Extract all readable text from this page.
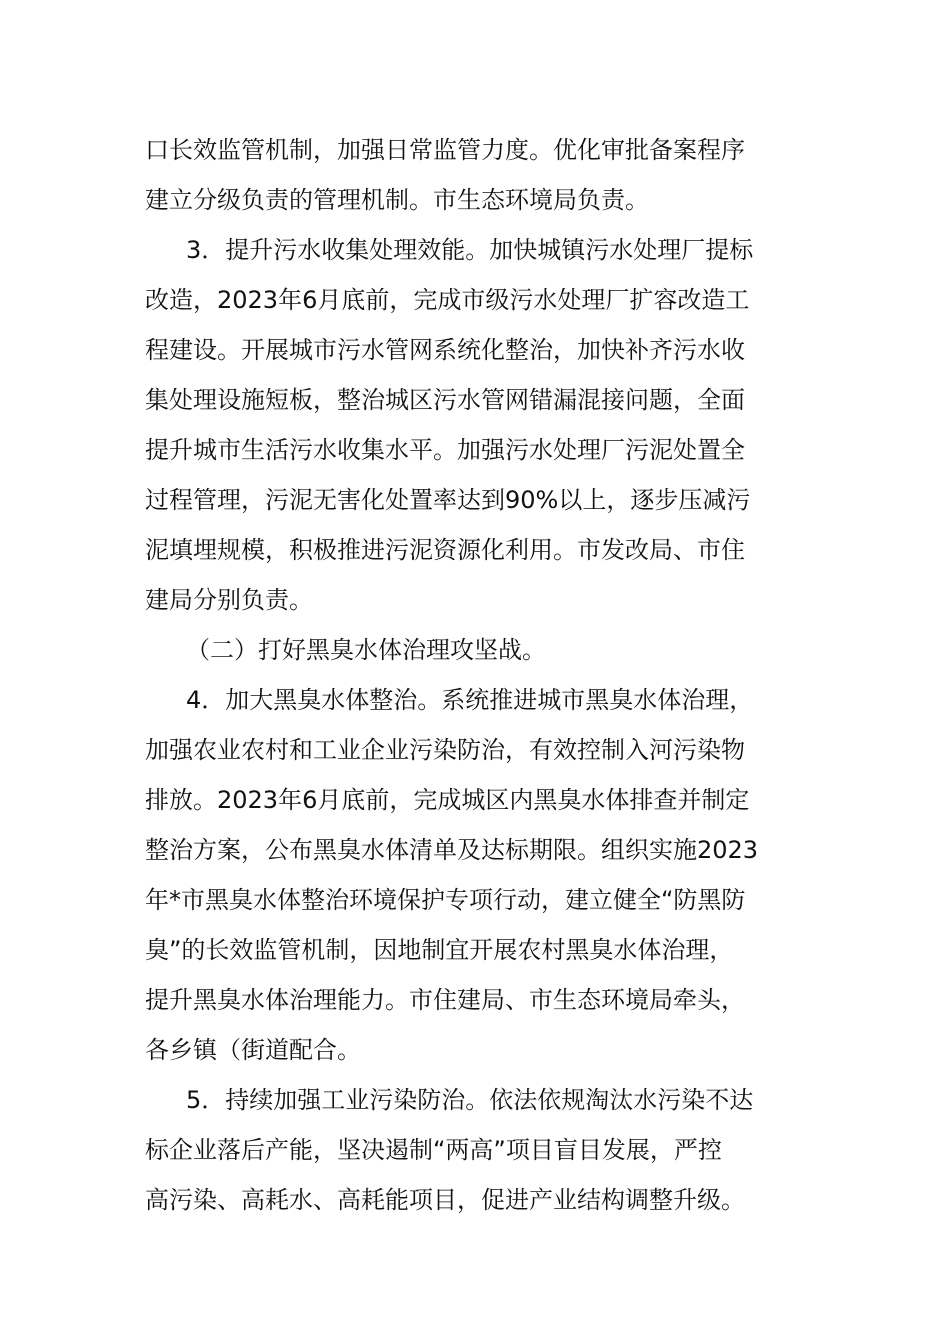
口长效监管机制，加强日常监管力度。优化审批备案程序
建立分级负责的管理机制。市生态环境局负责。
3．提升污水收集处理效能。加快城镇污水处理厂提标
改造，2023年6月底前，完成市级污水处理厂扩容改造工
程建设。开展城市污水管网系统化整治，加快补齐污水收
集处理设施短板，整治城区污水管网错漏混接问题，全面
提升城市生活污水收集水平。加强污水处理厂污泥处置全
过程管理，污泥无害化处置率达到90%以上，逐步压减污
泥填埋规模，积极推进污泥资源化利用。市发改局、市住
建局分别负责。
（二）打好黑臭水体治理攻坚战。
4．加大黑臭水体整治。系统推进城市黑臭水体治理，
加强农业农村和工业企业污染防治，有效控制入河污染物
排放。2023年6月底前，完成城区内黑臭水体排查并制定
整治方案，公布黑臭水体清单及达标期限。组织实施2023
年*市黑臭水体整治环境保护专项行动，建立健全“防黑防
臭”的长效监管机制，因地制宜开展农村黑臭水体治理，
提升黑臭水体治理能力。市住建局、市生态环境局牵头，
各乡镇（街道配合。
5．持续加强工业污染防治。依法依规淘汰水污染不达
标企业落后产能，坚决遏制“两高”项目盲目发展，严控
高污染、高耗水、高耗能项目，促进产业结构调整升级。
